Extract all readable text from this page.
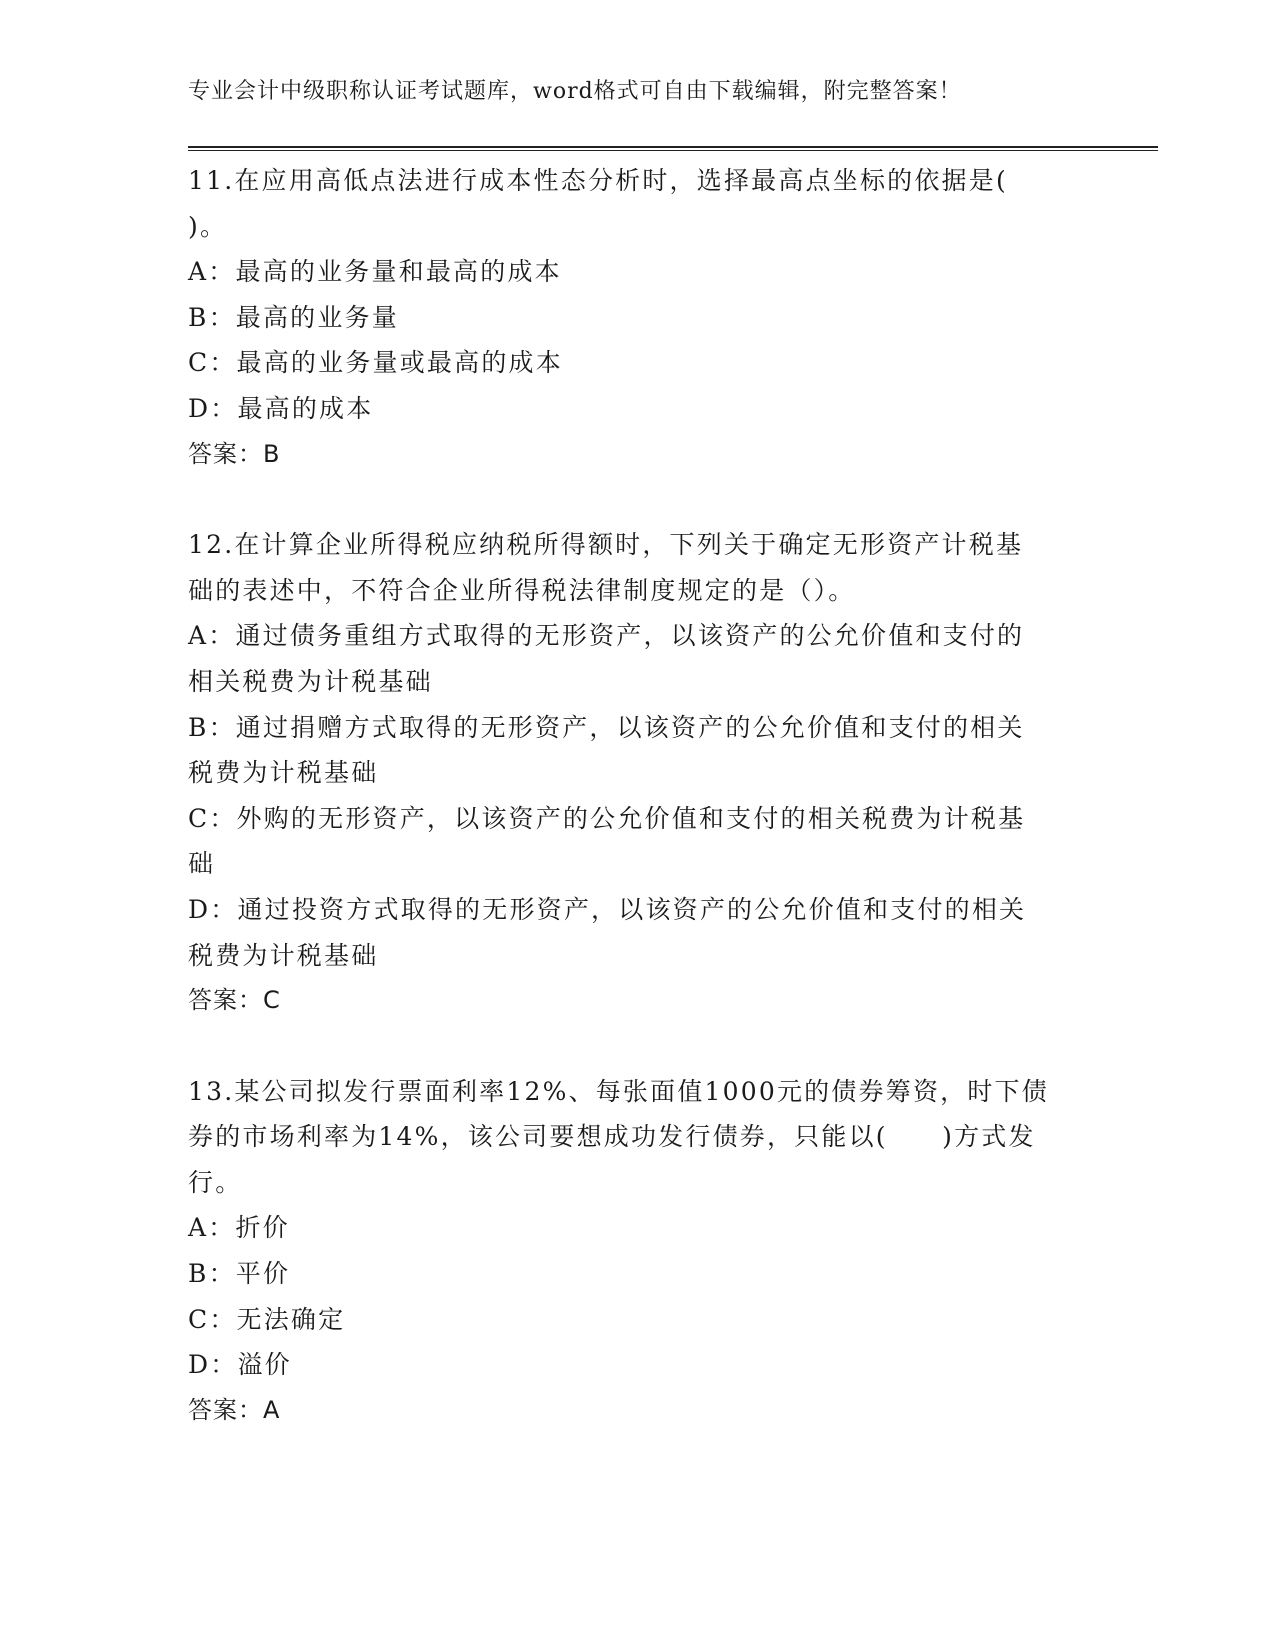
专业会计中级职称认证考试题库，word格式可自由下载编辑，附完整答案！
11.在应用高低点法进行成本性态分析时，选择最高点坐标的依据是(
)。
A：最高的业务量和最高的成本
B：最高的业务量
C：最高的业务量或最高的成本
D：最高的成本
答案：B
12.在计算企业所得税应纳税所得额时，下列关于确定无形资产计税基
础的表述中，不符合企业所得税法律制度规定的是（）。
A：通过债务重组方式取得的无形资产，以该资产的公允价值和支付的
相关税费为计税基础
B：通过捐赠方式取得的无形资产，以该资产的公允价值和支付的相关
税费为计税基础
C：外购的无形资产，以该资产的公允价值和支付的相关税费为计税基
础
D：通过投资方式取得的无形资产，以该资产的公允价值和支付的相关
税费为计税基础
答案：C
13.某公司拟发行票面利率12%、每张面值1000元的债券筹资，时下债
券的市场利率为14%，该公司要想成功发行债券，只能以(　　)方式发
行。
A：折价
B：平价
C：无法确定
D：溢价
答案：A
